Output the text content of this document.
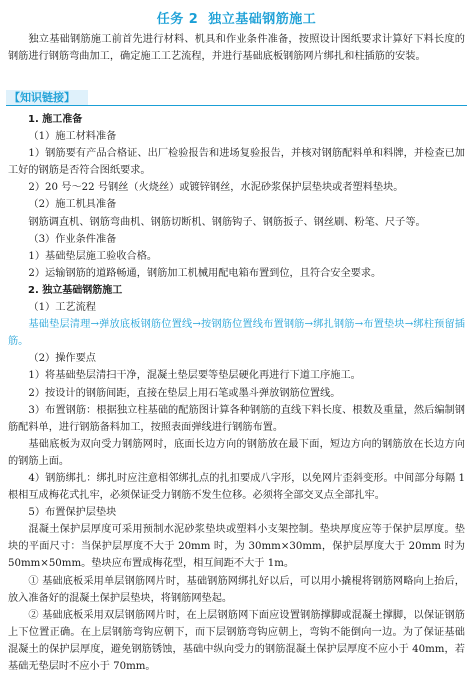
任务 2 独立基础钢筋施工

独立基础钢筋施工前首先进行材料、机具和作业条件准备，按照设计图纸要求计算好下料长度的钢筋进行钢筋弯曲加工，确定施工工艺流程，并进行基础底板钢筋网片绑扎和柱插筋的安装。

【知识链接】

1. 施工准备

（1）施工材料准备

1）钢筋要有产品合格证、出厂检验报告和进场复验报告，并核对钢筋配料单和料牌，并检查已加工好的钢筋是否符合图纸要求。

2）20 号～22 号钢丝（火烧丝）或镀锌钢丝，水泥砂浆保护层垫块或者塑料垫块。

（2）施工机具准备

钢筋调直机、钢筋弯曲机、钢筋切断机、钢筋钩子、钢筋扳子、钢丝刷、粉笔、尺子等。

（3）作业条件准备

1）基础垫层施工验收合格。

2）运输钢筋的道路畅通，钢筋加工机械用配电箱布置到位，且符合安全要求。

2. 独立基础钢筋施工

（1）工艺流程

基础垫层清理→弹放底板钢筋位置线→按钢筋位置线布置钢筋→绑扎钢筋→布置垫块→绑柱预留插筋。

（2）操作要点

1）将基础垫层清扫干净，混凝土垫层要等垫层硬化再进行下道工序施工。

2）按设计的钢筋间距，直接在垫层上用石笔或墨斗弹放钢筋位置线。

3）布置钢筋：根据独立柱基础的配筋图计算各种钢筋的直线下料长度、根数及重量，然后编制钢筋配料单，进行钢筋备料加工，按照表面弹线进行钢筋布置。

基础底板为双向受力钢筋网时，底面长边方向的钢筋放在最下面，短边方向的钢筋放在长边方向的钢筋上面。

4）钢筋绑扎：绑扎时应注意相邻绑扎点的扎扣要成八字形，以免网片歪斜变形。中间部分每隔 1 根相互成梅花式扎牢，必须保证受力钢筋不发生位移。必须将全部交叉点全部扎牢。

5）布置保护层垫块

混凝土保护层厚度可采用预制水泥砂浆垫块或塑料小支架控制。垫块厚度应等于保护层厚度。垫块的平面尺寸：当保护层厚度不大于 20mm 时，为 30mm×30mm，保护层厚度大于 20mm 时为 50mm×50mm。垫块应布置成梅花型，相互间距不大于 1m。

① 基础底板采用单层钢筋网片时，基础钢筋网绑扎好以后，可以用小撬棍将钢筋网略向上抬后，放入准备好的混凝土保护层垫块，将钢筋网垫起。

② 基础底板采用双层钢筋网片时，在上层钢筋网下面应设置钢筋撑脚或混凝土撑脚，以保证钢筋上下位置正确。在上层钢筋弯钩应朝下，而下层钢筋弯钩应朝上，弯钩不能倒向一边。为了保证基础混凝土的保护层厚度，避免钢筋锈蚀，基础中纵向受力的钢筋混凝土保护层厚度不应小于 40mm，若基础无垫层时不应小于 70mm。
